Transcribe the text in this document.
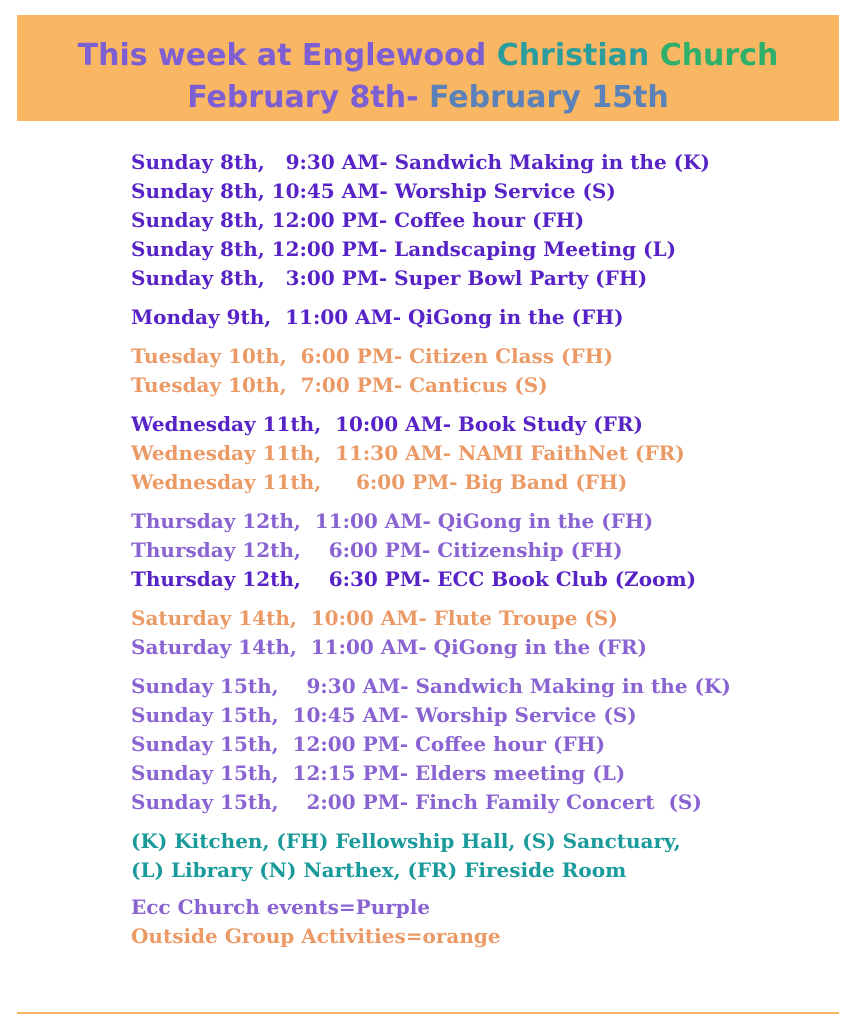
This week at Englewood Christian Church
February 8th- February 15th
Sunday 8th,   9:30 AM- Sandwich Making in the (K)
Sunday 8th, 10:45 AM- Worship Service (S)
Sunday 8th, 12:00 PM- Coffee hour (FH)
Sunday 8th, 12:00 PM- Landscaping Meeting (L)
Sunday 8th,   3:00 PM- Super Bowl Party (FH)
Monday 9th,  11:00 AM- QiGong in the (FH)
Tuesday 10th,  6:00 PM- Citizen Class (FH)
Tuesday 10th,  7:00 PM- Canticus (S)
Wednesday 11th,  10:00 AM- Book Study (FR)
Wednesday 11th,  11:30 AM- NAMI FaithNet (FR)
Wednesday 11th,     6:00 PM- Big Band (FH)
Thursday 12th,  11:00 AM- QiGong in the (FH)
Thursday 12th,    6:00 PM- Citizenship (FH)
Thursday 12th,    6:30 PM- ECC Book Club (Zoom)
Saturday 14th,  10:00 AM- Flute Troupe (S)
Saturday 14th,  11:00 AM- QiGong in the (FR)
Sunday 15th,    9:30 AM- Sandwich Making in the (K)
Sunday 15th,  10:45 AM- Worship Service (S)
Sunday 15th,  12:00 PM- Coffee hour (FH)
Sunday 15th,  12:15 PM- Elders meeting (L)
Sunday 15th,    2:00 PM- Finch Family Concert  (S)
(K) Kitchen, (FH) Fellowship Hall, (S) Sanctuary,
(L) Library (N) Narthex, (FR) Fireside Room
Ecc Church events=Purple
Outside Group Activities=orange
